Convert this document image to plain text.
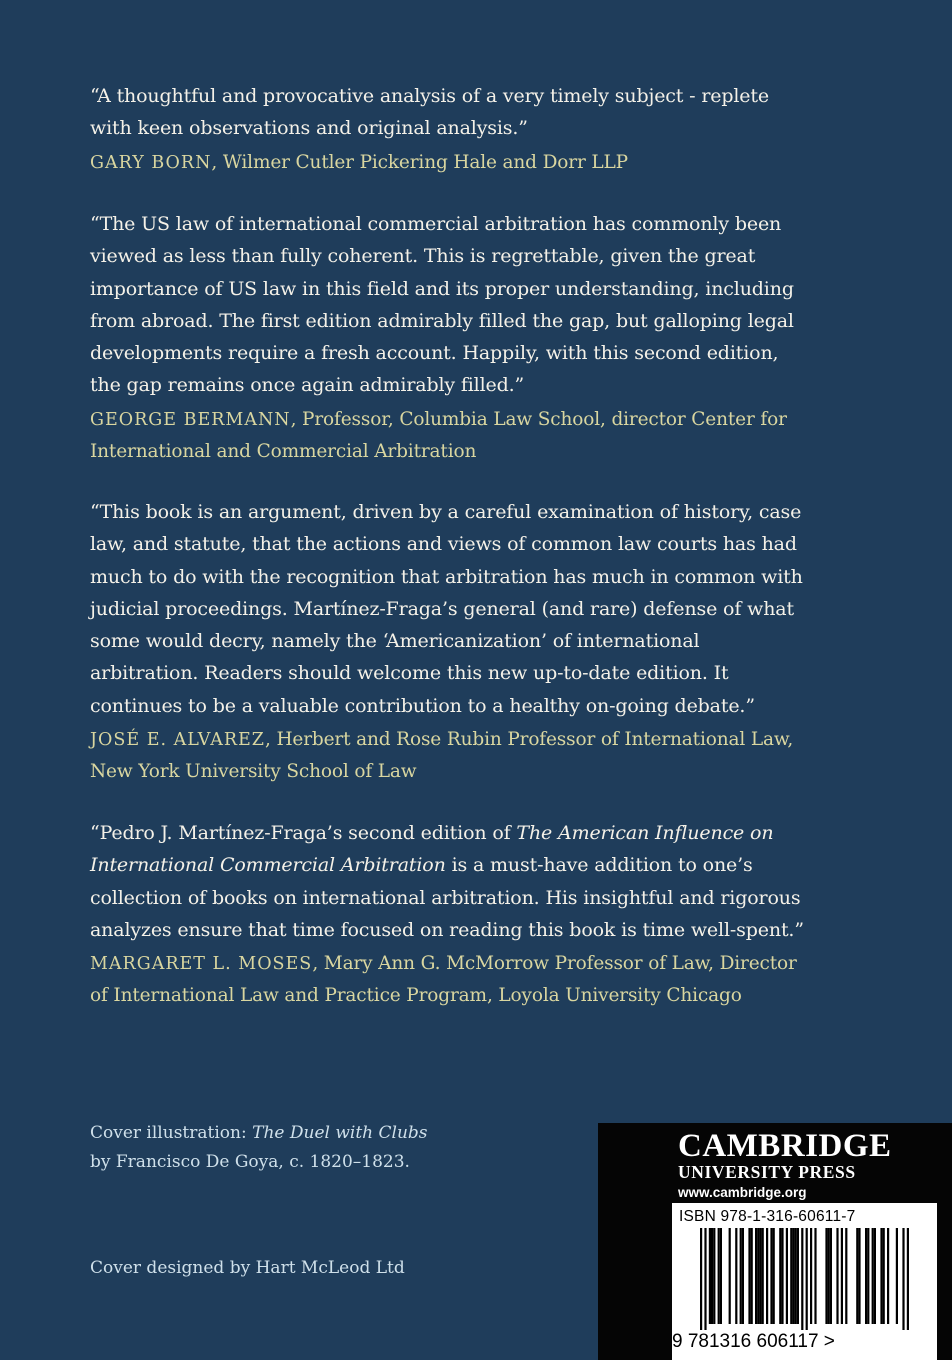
“A thoughtful and provocative analysis of a very timely subject - replete with keen observations and original analysis.”

GARY BORN, Wilmer Cutler Pickering Hale and Dorr LLP

“The US law of international commercial arbitration has commonly been viewed as less than fully coherent. This is regrettable, given the great importance of US law in this field and its proper understanding, including from abroad. The first edition admirably filled the gap, but galloping legal developments require a fresh account. Happily, with this second edition, the gap remains once again admirably filled.”

GEORGE BERMANN, Professor, Columbia Law School, director Center for International and Commercial Arbitration

“This book is an argument, driven by a careful examination of history, case law, and statute, that the actions and views of common law courts has had much to do with the recognition that arbitration has much in common with judicial proceedings. Martínez-Fraga’s general (and rare) defense of what some would decry, namely the ‘Americanization’ of international arbitration. Readers should welcome this new up-to-date edition. It continues to be a valuable contribution to a healthy on-going debate.”

JOSÉ E. ALVAREZ, Herbert and Rose Rubin Professor of International Law, New York University School of Law

“Pedro J. Martínez-Fraga’s second edition of The American Influence on International Commercial Arbitration is a must-have addition to one’s collection of books on international arbitration. His insightful and rigorous analyzes ensure that time focused on reading this book is time well-spent.”

MARGARET L. MOSES, Mary Ann G. McMorrow Professor of Law, Director of International Law and Practice Program, Loyola University Chicago

Cover illustration: The Duel with Clubs
by Francisco De Goya, c. 1820–1823.
Cover designed by Hart McLeod Ltd
CAMBRIDGE
UNIVERSITY PRESS
www.cambridge.org
ISBN 978-1-316-60611-7
9 781316 606117 >
